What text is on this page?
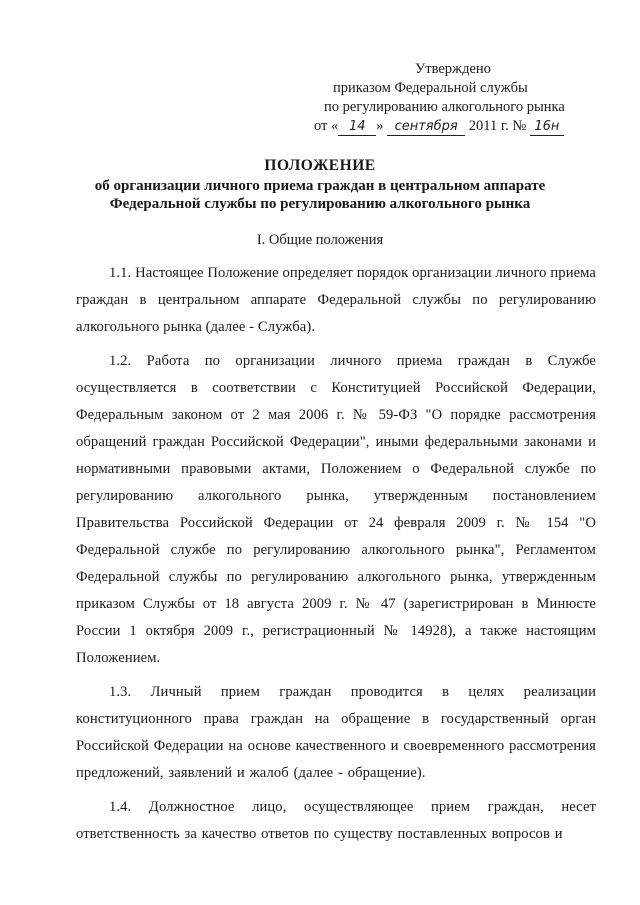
Утверждено
приказом Федеральной службы
по регулированию алкогольного рынка
от « 14 » сентября 2011 г. № 16н
ПОЛОЖЕНИЕ
об организации личного приема граждан в центральном аппарате
Федеральной службы по регулированию алкогольного рынка
I. Общие положения

1.1. Настоящее Положение определяет порядок организации личного приема граждан в центральном аппарате Федеральной службы по регулированию алкогольного рынка (далее - Служба).

1.2. Работа по организации личного приема граждан в Службе осуществляется в соответствии с Конституцией Российской Федерации, Федеральным законом от 2 мая 2006 г. № 59-ФЗ "О порядке рассмотрения обращений граждан Российской Федерации", иными федеральными законами и нормативными правовыми актами, Положением о Федеральной службе по регулированию алкогольного рынка, утвержденным постановлением Правительства Российской Федерации от 24 февраля 2009 г. № 154 "О Федеральной службе по регулированию алкогольного рынка", Регламентом Федеральной службы по регулированию алкогольного рынка, утвержденным приказом Службы от 18 августа 2009 г. № 47 (зарегистрирован в Минюсте России 1 октября 2009 г., регистрационный № 14928), а также настоящим Положением.

1.3. Личный прием граждан проводится в целях реализации конституционного права граждан на обращение в государственный орган Российской Федерации на основе качественного и своевременного рассмотрения предложений, заявлений и жалоб (далее - обращение).

1.4. Должностное лицо, осуществляющее прием граждан, несет ответственность за качество ответов по существу поставленных вопросов и
